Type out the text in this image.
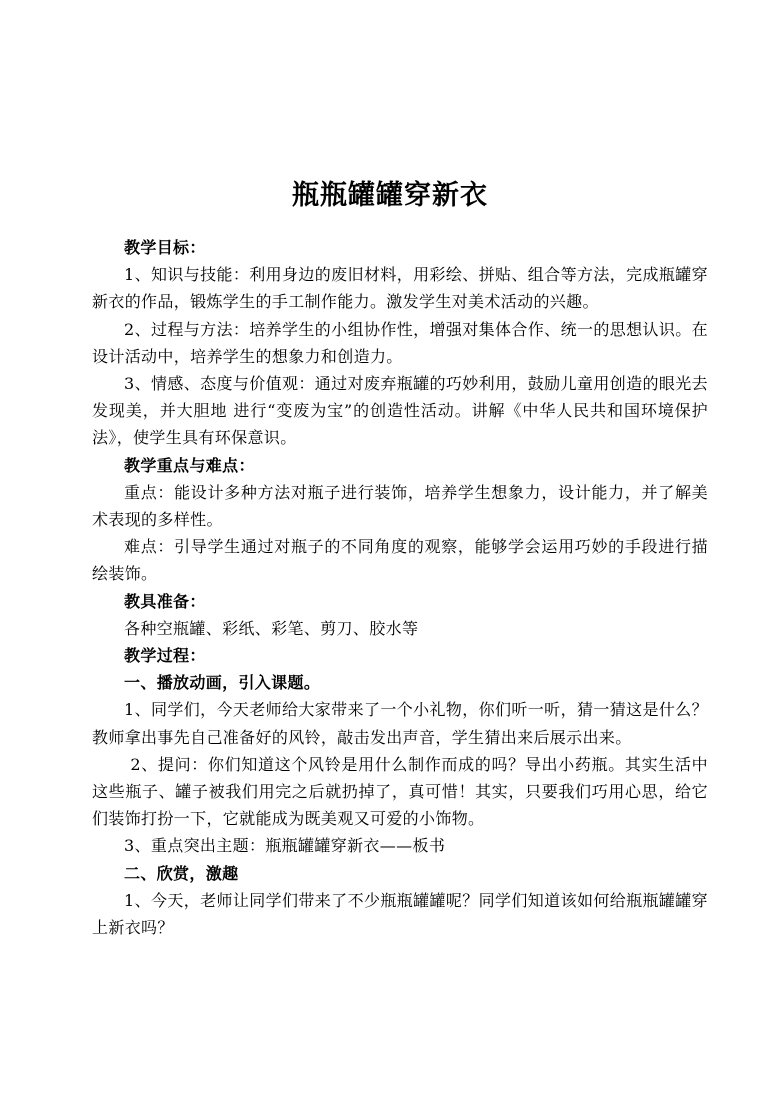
瓶瓶罐罐穿新衣

教学目标：

1、知识与技能：利用身边的废旧材料，用彩绘、拼贴、组合等方法，完成瓶罐穿新衣的作品，锻炼学生的手工制作能力。激发学生对美术活动的兴趣。

2、过程与方法：培养学生的小组协作性，增强对集体合作、统一的思想认识。在设计活动中，培养学生的想象力和创造力。

3、情感、态度与价值观：通过对废弃瓶罐的巧妙利用，鼓励儿童用创造的眼光去发现美，并大胆地 进行“变废为宝”的创造性活动。讲解《中华人民共和国环境保护法》，使学生具有环保意识。

教学重点与难点：

重点：能设计多种方法对瓶子进行装饰，培养学生想象力，设计能力，并了解美术表现的多样性。

难点：引导学生通过对瓶子的不同角度的观察，能够学会运用巧妙的手段进行描绘装饰。

教具准备：

各种空瓶罐、彩纸、彩笔、剪刀、胶水等

教学过程：

一、播放动画，引入课题。

1、同学们，今天老师给大家带来了一个小礼物，你们听一听，猜一猜这是什么？教师拿出事先自己准备好的风铃，敲击发出声音，学生猜出来后展示出来。

2、提问：你们知道这个风铃是用什么制作而成的吗？导出小药瓶。其实生活中这些瓶子、罐子被我们用完之后就扔掉了，真可惜！其实，只要我们巧用心思，给它们装饰打扮一下，它就能成为既美观又可爱的小饰物。

3、重点突出主题：瓶瓶罐罐穿新衣——板书

二、欣赏，激趣

1、今天，老师让同学们带来了不少瓶瓶罐罐呢？同学们知道该如何给瓶瓶罐罐穿上新衣吗？
